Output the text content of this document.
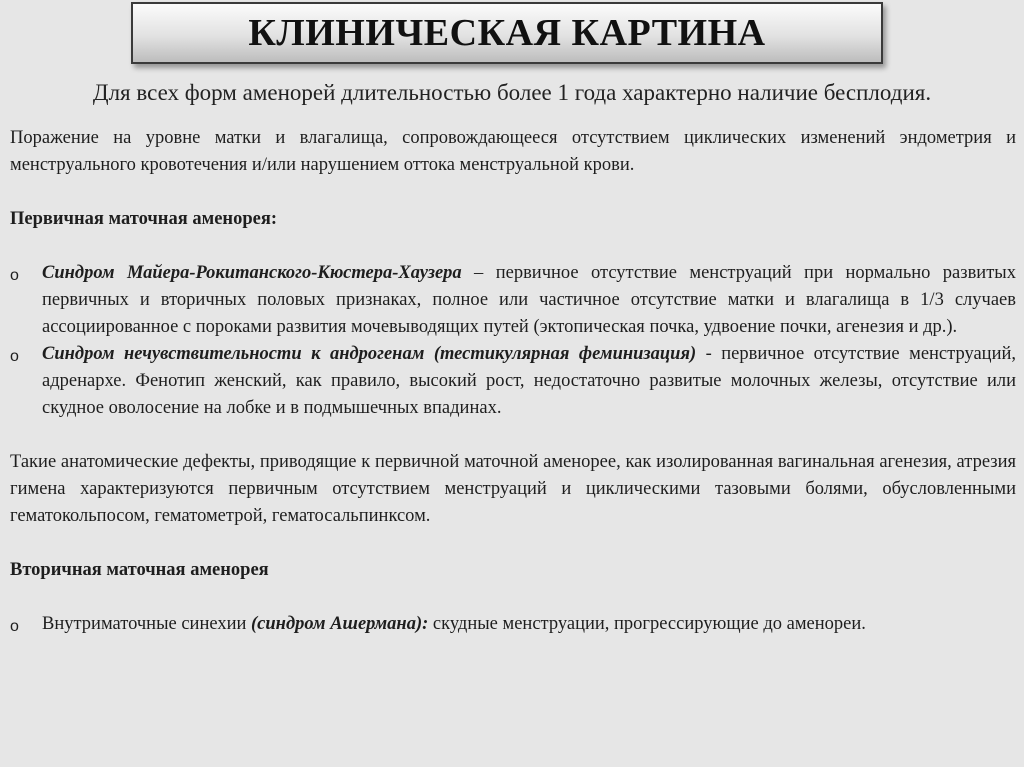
КЛИНИЧЕСКАЯ КАРТИНА
Для всех форм аменорей длительностью более 1 года характерно наличие бесплодия.

Поражение на уровне матки и влагалища, сопровождающееся отсутствием циклических изменений эндометрия и менструального кровотечения и/или нарушением оттока менструальной крови.

Первичная маточная аменорея:

o	Синдром Майера-Рокитанского-Кюстера-Хаузера – первичное отсутствие менструаций при нормально развитых первичных и вторичных половых признаках, полное или частичное отсутствие матки и влагалища в 1/3 случаев ассоциированное с пороками развития мочевыводящих путей (эктопическая почка, удвоение почки, агенезия и др.).
o	Синдром нечувствительности к андрогенам (тестикулярная феминизация) - первичное отсутствие менструаций, адренархе. Фенотип женский, как правило, высокий рост, недостаточно развитые молочных железы, отсутствие или скудное оволосение на лобке и в подмышечных впадинах.

Такие анатомические дефекты, приводящие к первичной маточной аменорее, как изолированная вагинальная агенезия, атрезия гимена характеризуются первичным отсутствием менструаций и циклическими тазовыми болями, обусловленными гематокольпосом, гематометрой, гематосальпинксом.

Вторичная маточная аменорея

o	Внутриматочные синехии (синдром Ашермана): скудные менструации, прогрессирующие до аменореи.
